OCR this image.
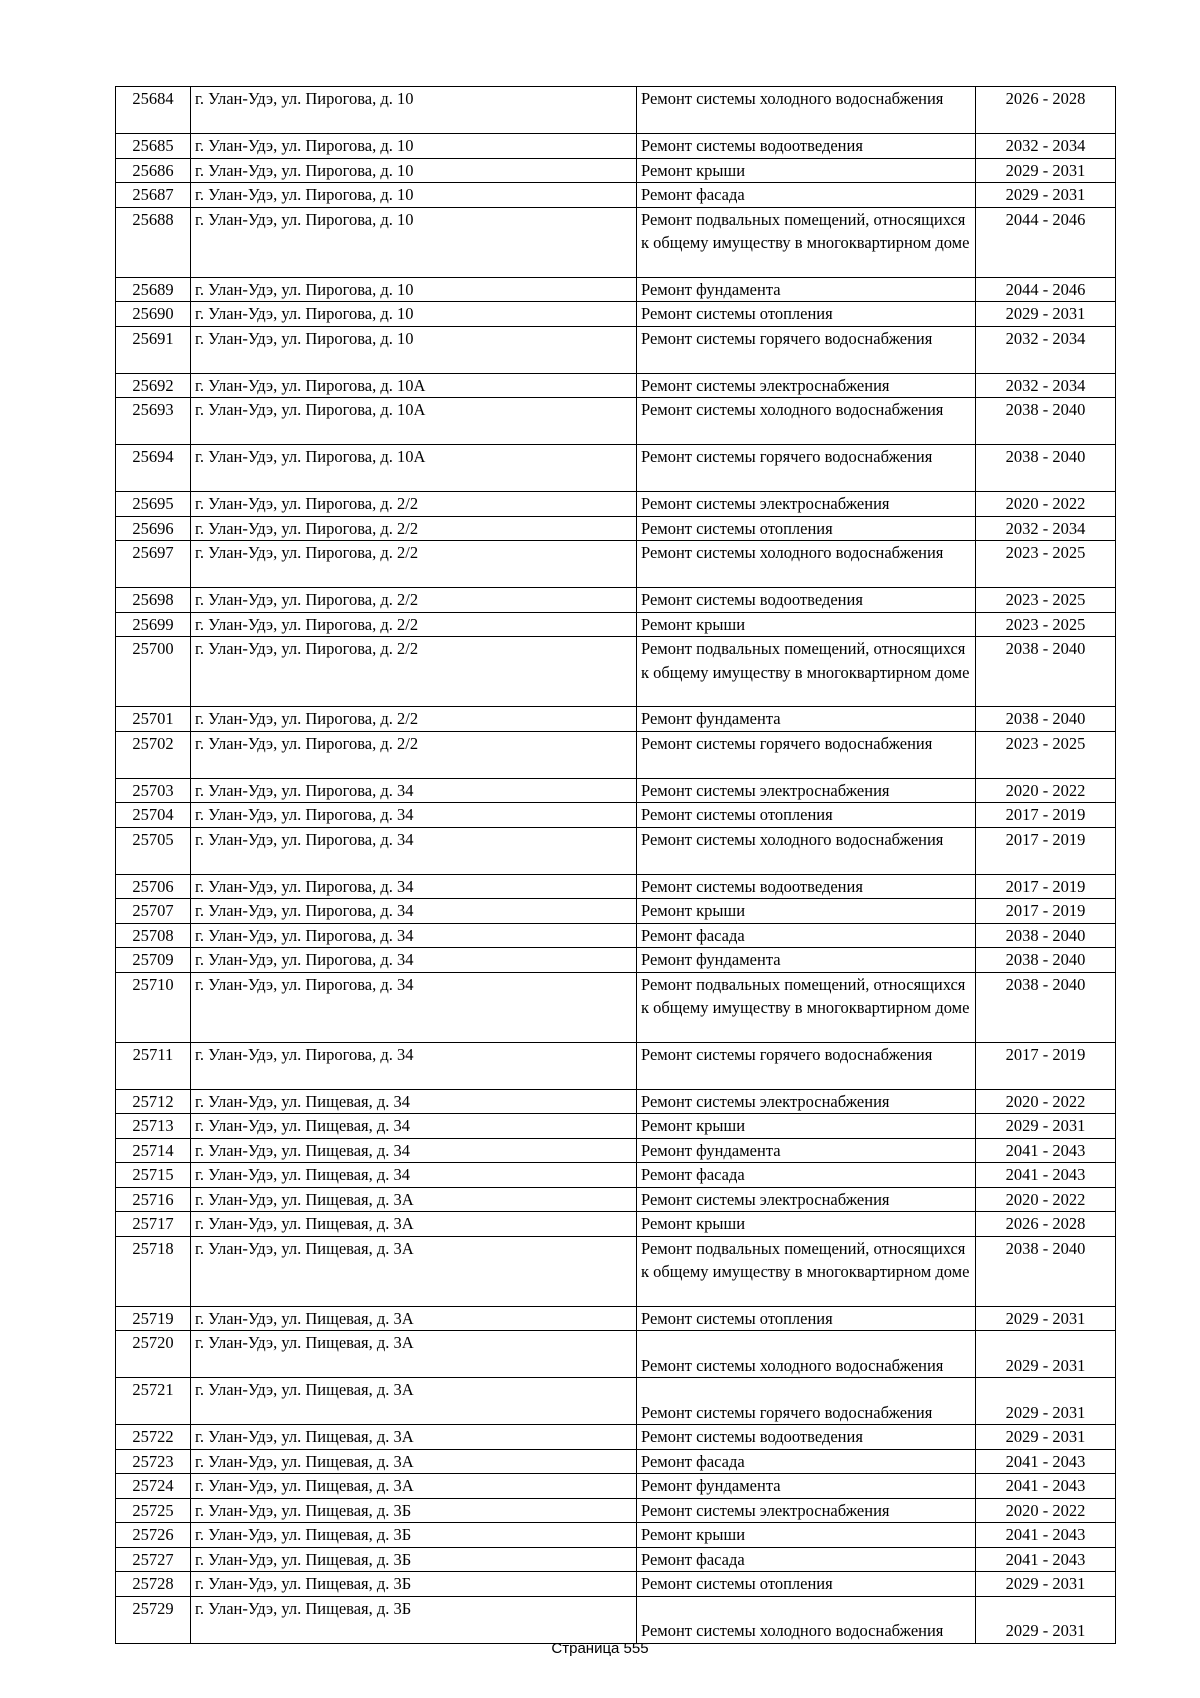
25684	г. Улан-Удэ, ул. Пирогова, д. 10	Ремонт системы холодного водоснабжения	2026 - 2028
25685	г. Улан-Удэ, ул. Пирогова, д. 10	Ремонт системы водоотведения	2032 - 2034
25686	г. Улан-Удэ, ул. Пирогова, д. 10	Ремонт крыши	2029 - 2031
25687	г. Улан-Удэ, ул. Пирогова, д. 10	Ремонт фасада	2029 - 2031
25688	г. Улан-Удэ, ул. Пирогова, д. 10	Ремонт подвальных помещений, относящихся к общему имуществу в многоквартирном доме	2044 - 2046
25689	г. Улан-Удэ, ул. Пирогова, д. 10	Ремонт фундамента	2044 - 2046
25690	г. Улан-Удэ, ул. Пирогова, д. 10	Ремонт системы отопления	2029 - 2031
25691	г. Улан-Удэ, ул. Пирогова, д. 10	Ремонт системы горячего водоснабжения	2032 - 2034
25692	г. Улан-Удэ, ул. Пирогова, д. 10А	Ремонт системы электроснабжения	2032 - 2034
25693	г. Улан-Удэ, ул. Пирогова, д. 10А	Ремонт системы холодного водоснабжения	2038 - 2040
25694	г. Улан-Удэ, ул. Пирогова, д. 10А	Ремонт системы горячего водоснабжения	2038 - 2040
25695	г. Улан-Удэ, ул. Пирогова, д. 2/2	Ремонт системы электроснабжения	2020 - 2022
25696	г. Улан-Удэ, ул. Пирогова, д. 2/2	Ремонт системы отопления	2032 - 2034
25697	г. Улан-Удэ, ул. Пирогова, д. 2/2	Ремонт системы холодного водоснабжения	2023 - 2025
25698	г. Улан-Удэ, ул. Пирогова, д. 2/2	Ремонт системы водоотведения	2023 - 2025
25699	г. Улан-Удэ, ул. Пирогова, д. 2/2	Ремонт крыши	2023 - 2025
25700	г. Улан-Удэ, ул. Пирогова, д. 2/2	Ремонт подвальных помещений, относящихся к общему имуществу в многоквартирном доме	2038 - 2040
25701	г. Улан-Удэ, ул. Пирогова, д. 2/2	Ремонт фундамента	2038 - 2040
25702	г. Улан-Удэ, ул. Пирогова, д. 2/2	Ремонт системы горячего водоснабжения	2023 - 2025
25703	г. Улан-Удэ, ул. Пирогова, д. 34	Ремонт системы электроснабжения	2020 - 2022
25704	г. Улан-Удэ, ул. Пирогова, д. 34	Ремонт системы отопления	2017 - 2019
25705	г. Улан-Удэ, ул. Пирогова, д. 34	Ремонт системы холодного водоснабжения	2017 - 2019
25706	г. Улан-Удэ, ул. Пирогова, д. 34	Ремонт системы водоотведения	2017 - 2019
25707	г. Улан-Удэ, ул. Пирогова, д. 34	Ремонт крыши	2017 - 2019
25708	г. Улан-Удэ, ул. Пирогова, д. 34	Ремонт фасада	2038 - 2040
25709	г. Улан-Удэ, ул. Пирогова, д. 34	Ремонт фундамента	2038 - 2040
25710	г. Улан-Удэ, ул. Пирогова, д. 34	Ремонт подвальных помещений, относящихся к общему имуществу в многоквартирном доме	2038 - 2040
25711	г. Улан-Удэ, ул. Пирогова, д. 34	Ремонт системы горячего водоснабжения	2017 - 2019
25712	г. Улан-Удэ, ул. Пищевая, д. 34	Ремонт системы электроснабжения	2020 - 2022
25713	г. Улан-Удэ, ул. Пищевая, д. 34	Ремонт крыши	2029 - 2031
25714	г. Улан-Удэ, ул. Пищевая, д. 34	Ремонт фундамента	2041 - 2043
25715	г. Улан-Удэ, ул. Пищевая, д. 34	Ремонт фасада	2041 - 2043
25716	г. Улан-Удэ, ул. Пищевая, д. 3А	Ремонт системы электроснабжения	2020 - 2022
25717	г. Улан-Удэ, ул. Пищевая, д. 3А	Ремонт крыши	2026 - 2028
25718	г. Улан-Удэ, ул. Пищевая, д. 3А	Ремонт подвальных помещений, относящихся к общему имуществу в многоквартирном доме	2038 - 2040
25719	г. Улан-Удэ, ул. Пищевая, д. 3А	Ремонт системы отопления	2029 - 2031
25720	г. Улан-Удэ, ул. Пищевая, д. 3А	Ремонт системы холодного водоснабжения	2029 - 2031
25721	г. Улан-Удэ, ул. Пищевая, д. 3А	Ремонт системы горячего водоснабжения	2029 - 2031
25722	г. Улан-Удэ, ул. Пищевая, д. 3А	Ремонт системы водоотведения	2029 - 2031
25723	г. Улан-Удэ, ул. Пищевая, д. 3А	Ремонт фасада	2041 - 2043
25724	г. Улан-Удэ, ул. Пищевая, д. 3А	Ремонт фундамента	2041 - 2043
25725	г. Улан-Удэ, ул. Пищевая, д. 3Б	Ремонт системы электроснабжения	2020 - 2022
25726	г. Улан-Удэ, ул. Пищевая, д. 3Б	Ремонт крыши	2041 - 2043
25727	г. Улан-Удэ, ул. Пищевая, д. 3Б	Ремонт фасада	2041 - 2043
25728	г. Улан-Удэ, ул. Пищевая, д. 3Б	Ремонт системы отопления	2029 - 2031
25729	г. Улан-Удэ, ул. Пищевая, д. 3Б	Ремонт системы холодного водоснабжения	2029 - 2031
Страница 555
